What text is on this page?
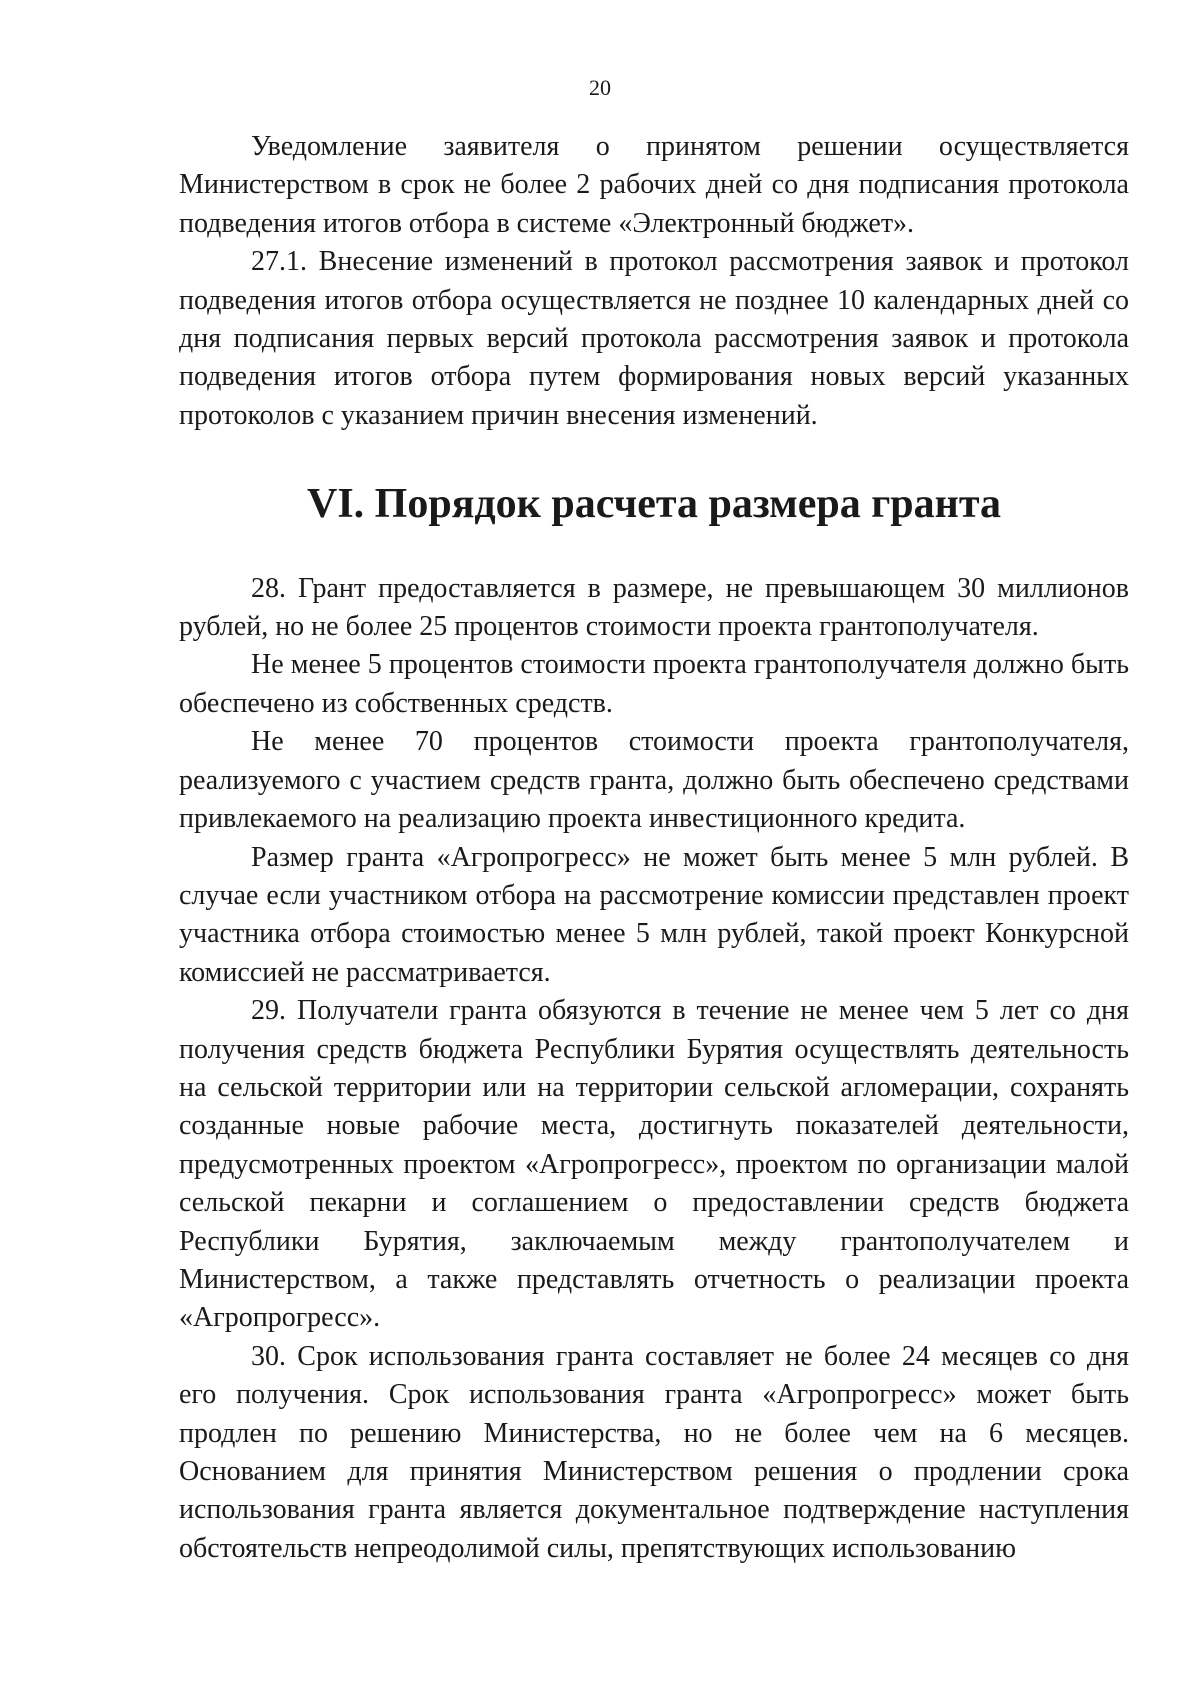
20

Уведомление заявителя о принятом решении осуществляется Министерством в срок не более 2 рабочих дней со дня подписания протокола подведения итогов отбора в системе «Электронный бюджет».

27.1. Внесение изменений в протокол рассмотрения заявок и протокол подведения итогов отбора осуществляется не позднее 10 календарных дней со дня подписания первых версий протокола рассмотрения заявок и протокола подведения итогов отбора путем формирования новых версий указанных протоколов с указанием причин внесения изменений.

VI. Порядок расчета размера гранта

28. Грант предоставляется в размере, не превышающем 30 миллионов рублей, но не более 25 процентов стоимости проекта грантополучателя.

Не менее 5 процентов стоимости проекта грантополучателя должно быть обеспечено из собственных средств.

Не менее 70 процентов стоимости проекта грантополучателя, реализуемого с участием средств гранта, должно быть обеспечено средствами привлекаемого на реализацию проекта инвестиционного кредита.

Размер гранта «Агропрогресс» не может быть менее 5 млн рублей. В случае если участником отбора на рассмотрение комиссии представлен проект участника отбора стоимостью менее 5 млн рублей, такой проект Конкурсной комиссией не рассматривается.

29. Получатели гранта обязуются в течение не менее чем 5 лет со дня получения средств бюджета Республики Бурятия осуществлять деятельность на сельской территории или на территории сельской агломерации, сохранять созданные новые рабочие места, достигнуть показателей деятельности, предусмотренных проектом «Агропрогресс», проектом по организации малой сельской пекарни и соглашением о предоставлении средств бюджета Республики Бурятия, заключаемым между грантополучателем и Министерством, а также представлять отчетность о реализации проекта «Агропрогресс».

30. Срок использования гранта составляет не более 24 месяцев со дня его получения. Срок использования гранта «Агропрогресс» может быть продлен по решению Министерства, но не более чем на 6 месяцев. Основанием для принятия Министерством решения о продлении срока использования гранта является документальное подтверждение наступления обстоятельств непреодолимой силы, препятствующих использованию
